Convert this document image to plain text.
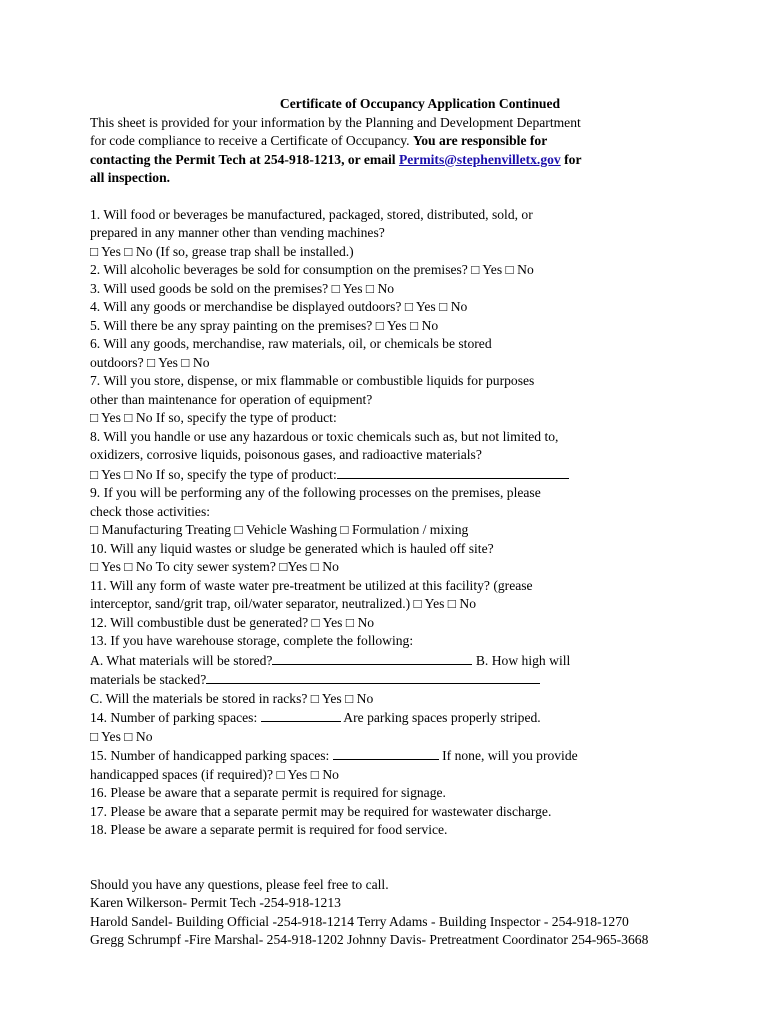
Certificate of Occupancy Application Continued
This sheet is provided for your information by the Planning and Development Department
for code compliance to receive a Certificate of Occupancy. You are responsible for
contacting the Permit Tech at 254-918-1213, or email Permits@stephenvilletx.gov for
all inspection.
1. Will food or beverages be manufactured, packaged, stored, distributed, sold, or
prepared in any manner other than vending machines?
□ Yes □ No (If so, grease trap shall be installed.)
2. Will alcoholic beverages be sold for consumption on the premises? □ Yes □ No
3. Will used goods be sold on the premises? □ Yes □ No
4. Will any goods or merchandise be displayed outdoors? □ Yes □ No
5. Will there be any spray painting on the premises? □ Yes □ No
6. Will any goods, merchandise, raw materials, oil, or chemicals be stored
outdoors? □ Yes □ No
7. Will you store, dispense, or mix flammable or combustible liquids for purposes
other than maintenance for operation of equipment?
□ Yes □ No If so, specify the type of product:
8. Will you handle or use any hazardous or toxic chemicals such as, but not limited to,
oxidizers, corrosive liquids, poisonous gases, and radioactive materials?
□ Yes □ No If so, specify the type of product:
9. If you will be performing any of the following processes on the premises, please
check those activities:
□ Manufacturing Treating □ Vehicle Washing □ Formulation / mixing
10. Will any liquid wastes or sludge be generated which is hauled off site?
□ Yes □ No To city sewer system? □Yes □ No
11. Will any form of waste water pre-treatment be utilized at this facility? (grease
interceptor, sand/grit trap, oil/water separator, neutralized.) □ Yes □ No
12. Will combustible dust be generated? □ Yes □ No
13. If you have warehouse storage, complete the following:
A. What materials will be stored?	B. How high will
materials be stacked?
C. Will the materials be stored in racks? □ Yes □ No
14. Number of parking spaces:	Are parking spaces properly striped.
□ Yes □ No
15. Number of handicapped parking spaces:	If none, will you provide
handicapped spaces (if required)? □ Yes □ No
16. Please be aware that a separate permit is required for signage.
17. Please be aware that a separate permit may be required for wastewater discharge.
18. Please be aware a separate permit is required for food service.
Should you have any questions, please feel free to call.
Karen Wilkerson- Permit Tech -254-918-1213
Harold Sandel- Building Official -254-918-1214 Terry Adams - Building Inspector - 254-918-1270
Gregg Schrumpf -Fire Marshal- 254-918-1202 Johnny Davis- Pretreatment Coordinator 254-965-3668
